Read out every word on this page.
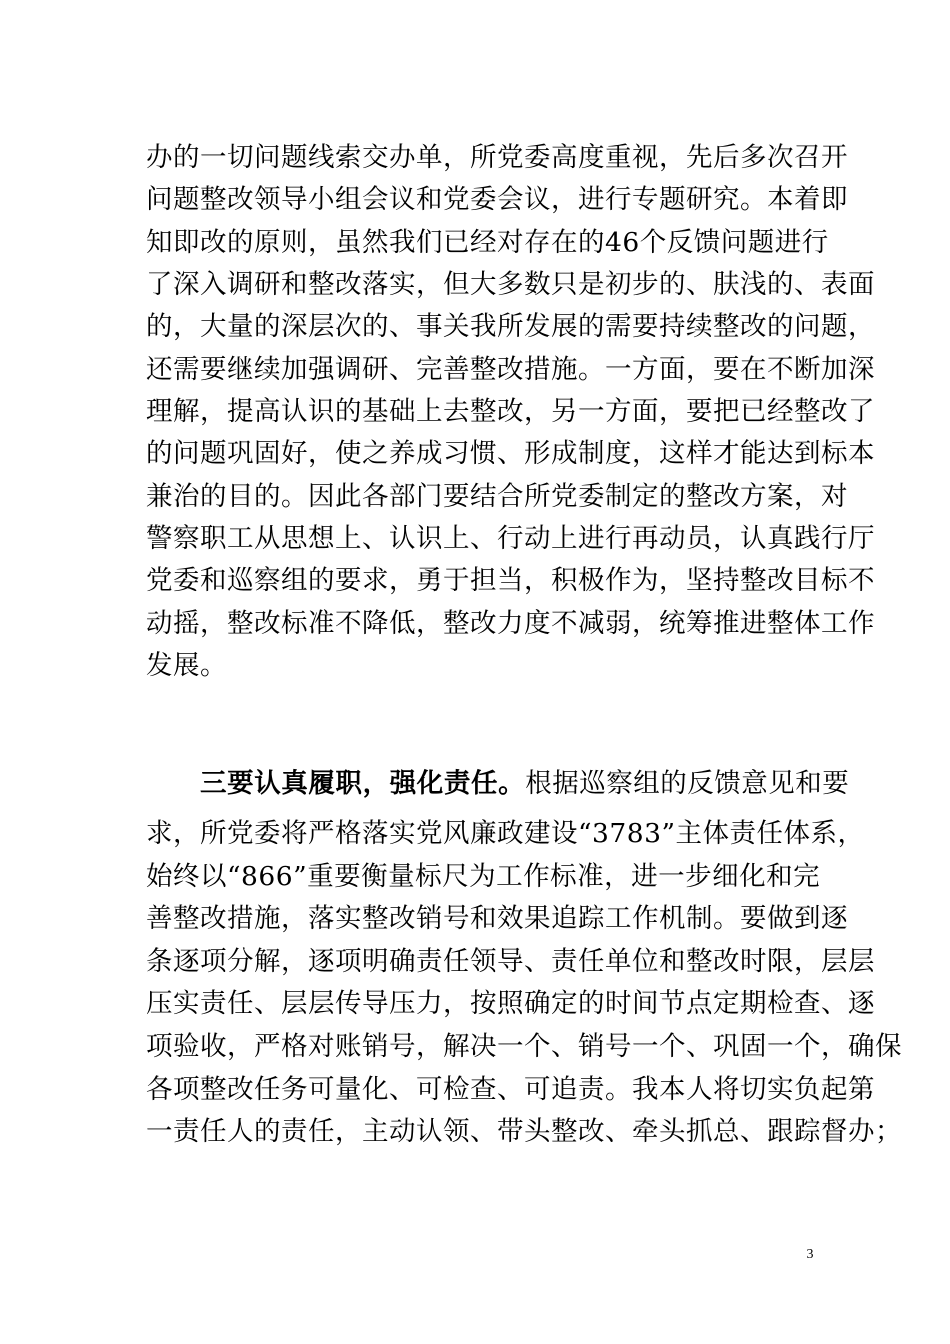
办的一切问题线索交办单，所党委高度重视，先后多次召开
问题整改领导小组会议和党委会议，进行专题研究。本着即
知即改的原则，虽然我们已经对存在的46个反馈问题进行
了深入调研和整改落实，但大多数只是初步的、肤浅的、表面
的，大量的深层次的、事关我所发展的需要持续整改的问题，
还需要继续加强调研、完善整改措施。一方面，要在不断加深
理解，提高认识的基础上去整改，另一方面，要把已经整改了
的问题巩固好，使之养成习惯、形成制度，这样才能达到标本
兼治的目的。因此各部门要结合所党委制定的整改方案，对
警察职工从思想上、认识上、行动上进行再动员，认真践行厅
党委和巡察组的要求，勇于担当，积极作为，坚持整改目标不
动摇，整改标准不降低，整改力度不减弱，统筹推进整体工作
发展。
三要认真履职，强化责任。根据巡察组的反馈意见和要
求，所党委将严格落实党风廉政建设“3783”主体责任体系，
始终以“866”重要衡量标尺为工作标准，进一步细化和完
善整改措施，落实整改销号和效果追踪工作机制。要做到逐
条逐项分解，逐项明确责任领导、责任单位和整改时限，层层
压实责任、层层传导压力，按照确定的时间节点定期检查、逐
项验收，严格对账销号，解决一个、销号一个、巩固一个，确保
各项整改任务可量化、可检查、可追责。我本人将切实负起第
一责任人的责任，主动认领、带头整改、牵头抓总、跟踪督办；
3
